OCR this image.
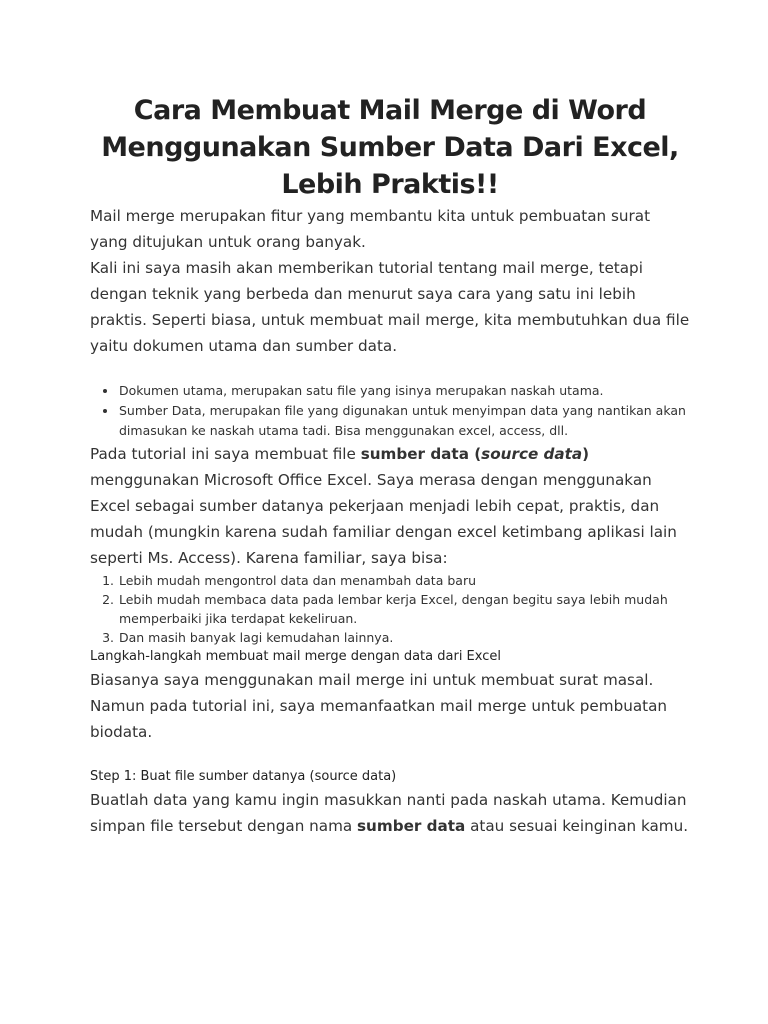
Cara Membuat Mail Merge di Word Menggunakan Sumber Data Dari Excel, Lebih Praktis!!

Mail merge merupakan fitur yang membantu kita untuk pembuatan surat yang ditujukan untuk orang banyak.

Kali ini saya masih akan memberikan tutorial tentang mail merge, tetapi dengan teknik yang berbeda dan menurut saya cara yang satu ini lebih praktis. Seperti biasa, untuk membuat mail merge, kita membutuhkan dua file yaitu dokumen utama dan sumber data.

• Dokumen utama, merupakan satu file yang isinya merupakan naskah utama.
• Sumber Data, merupakan file yang digunakan untuk menyimpan data yang nantikan akan dimasukan ke naskah utama tadi. Bisa menggunakan excel, access, dll.

Pada tutorial ini saya membuat file sumber data (source data) menggunakan Microsoft Office Excel. Saya merasa dengan menggunakan Excel sebagai sumber datanya pekerjaan menjadi lebih cepat, praktis, dan mudah (mungkin karena sudah familiar dengan excel ketimbang aplikasi lain seperti Ms. Access). Karena familiar, saya bisa:

1. Lebih mudah mengontrol data dan menambah data baru
2. Lebih mudah membaca data pada lembar kerja Excel, dengan begitu saya lebih mudah memperbaiki jika terdapat kekeliruan.
3. Dan masih banyak lagi kemudahan lainnya.

Langkah-langkah membuat mail merge dengan data dari Excel

Biasanya saya menggunakan mail merge ini untuk membuat surat masal. Namun pada tutorial ini, saya memanfaatkan mail merge untuk pembuatan biodata.

Step 1: Buat file sumber datanya (source data)

Buatlah data yang kamu ingin masukkan nanti pada naskah utama. Kemudian simpan file tersebut dengan nama sumber data atau sesuai keinginan kamu.
